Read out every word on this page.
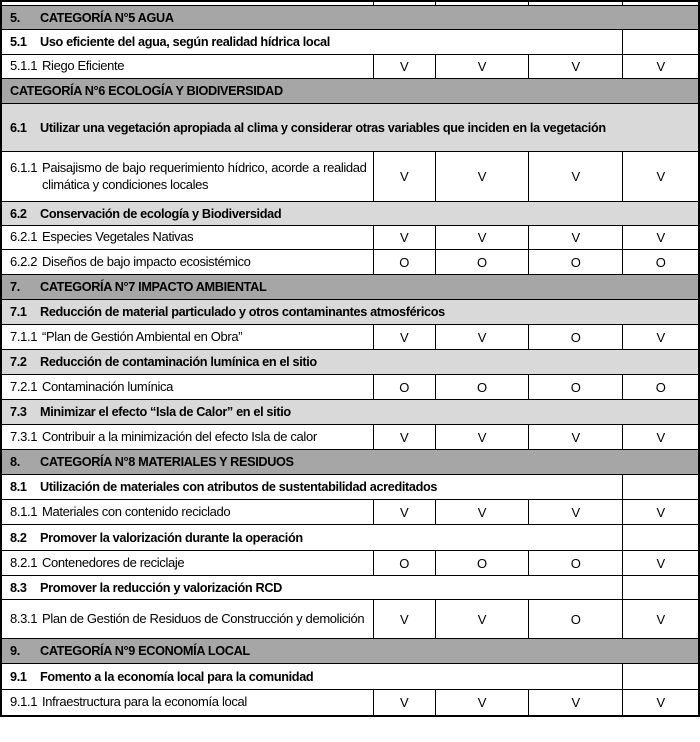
5. CATEGORÍA N°5 AGUA				
5.1 Uso eficiente del agua, según realidad hídrica local				

5.1.1 Riego Eficiente	V	V	V	V
CATEGORÍA N°6 ECOLOGÍA Y BIODIVERSIDAD				
6.1 Utilizar una vegetación apropiada al clima y considerar otras variables que inciden en la vegetación				

6.1.1 Paisajismo de bajo requerimiento hídrico, acorde a realidad climática y condiciones locales	V	V	V	V
6.2 Conservación de ecología y Biodiversidad				

6.2.1 Especies Vegetales Nativas	V	V	V	V

6.2.2 Diseños de bajo impacto ecosistémico	O	O	O	O
7. CATEGORÍA N°7 IMPACTO AMBIENTAL				
7.1 Reducción de material particulado y otros contaminantes atmosféricos				

7.1.1 “Plan de Gestión Ambiental en Obra”	V	V	O	V
7.2 Reducción de contaminación lumínica en el sitio				

7.2.1 Contaminación lumínica	O	O	O	O
7.3 Minimizar el efecto “Isla de Calor” en el sitio				

7.3.1 Contribuir a la minimización del efecto Isla de calor	V	V	V	V
8. CATEGORÍA N°8 MATERIALES Y RESIDUOS				
8.1 Utilización de materiales con atributos de sustentabilidad acreditados				

8.1.1 Materiales con contenido reciclado	V	V	V	V
8.2 Promover la valorización durante la operación				

8.2.1 Contenedores de reciclaje	O	O	O	V
8.3 Promover la reducción y valorización RCD				

8.3.1 Plan de Gestión de Residuos de Construcción y demolición	V	V	O	V
9. CATEGORÍA N°9 ECONOMÍA LOCAL				
9.1 Fomento a la economía local para la comunidad				

9.1.1 Infraestructura para la economía local	V	V	V	V
